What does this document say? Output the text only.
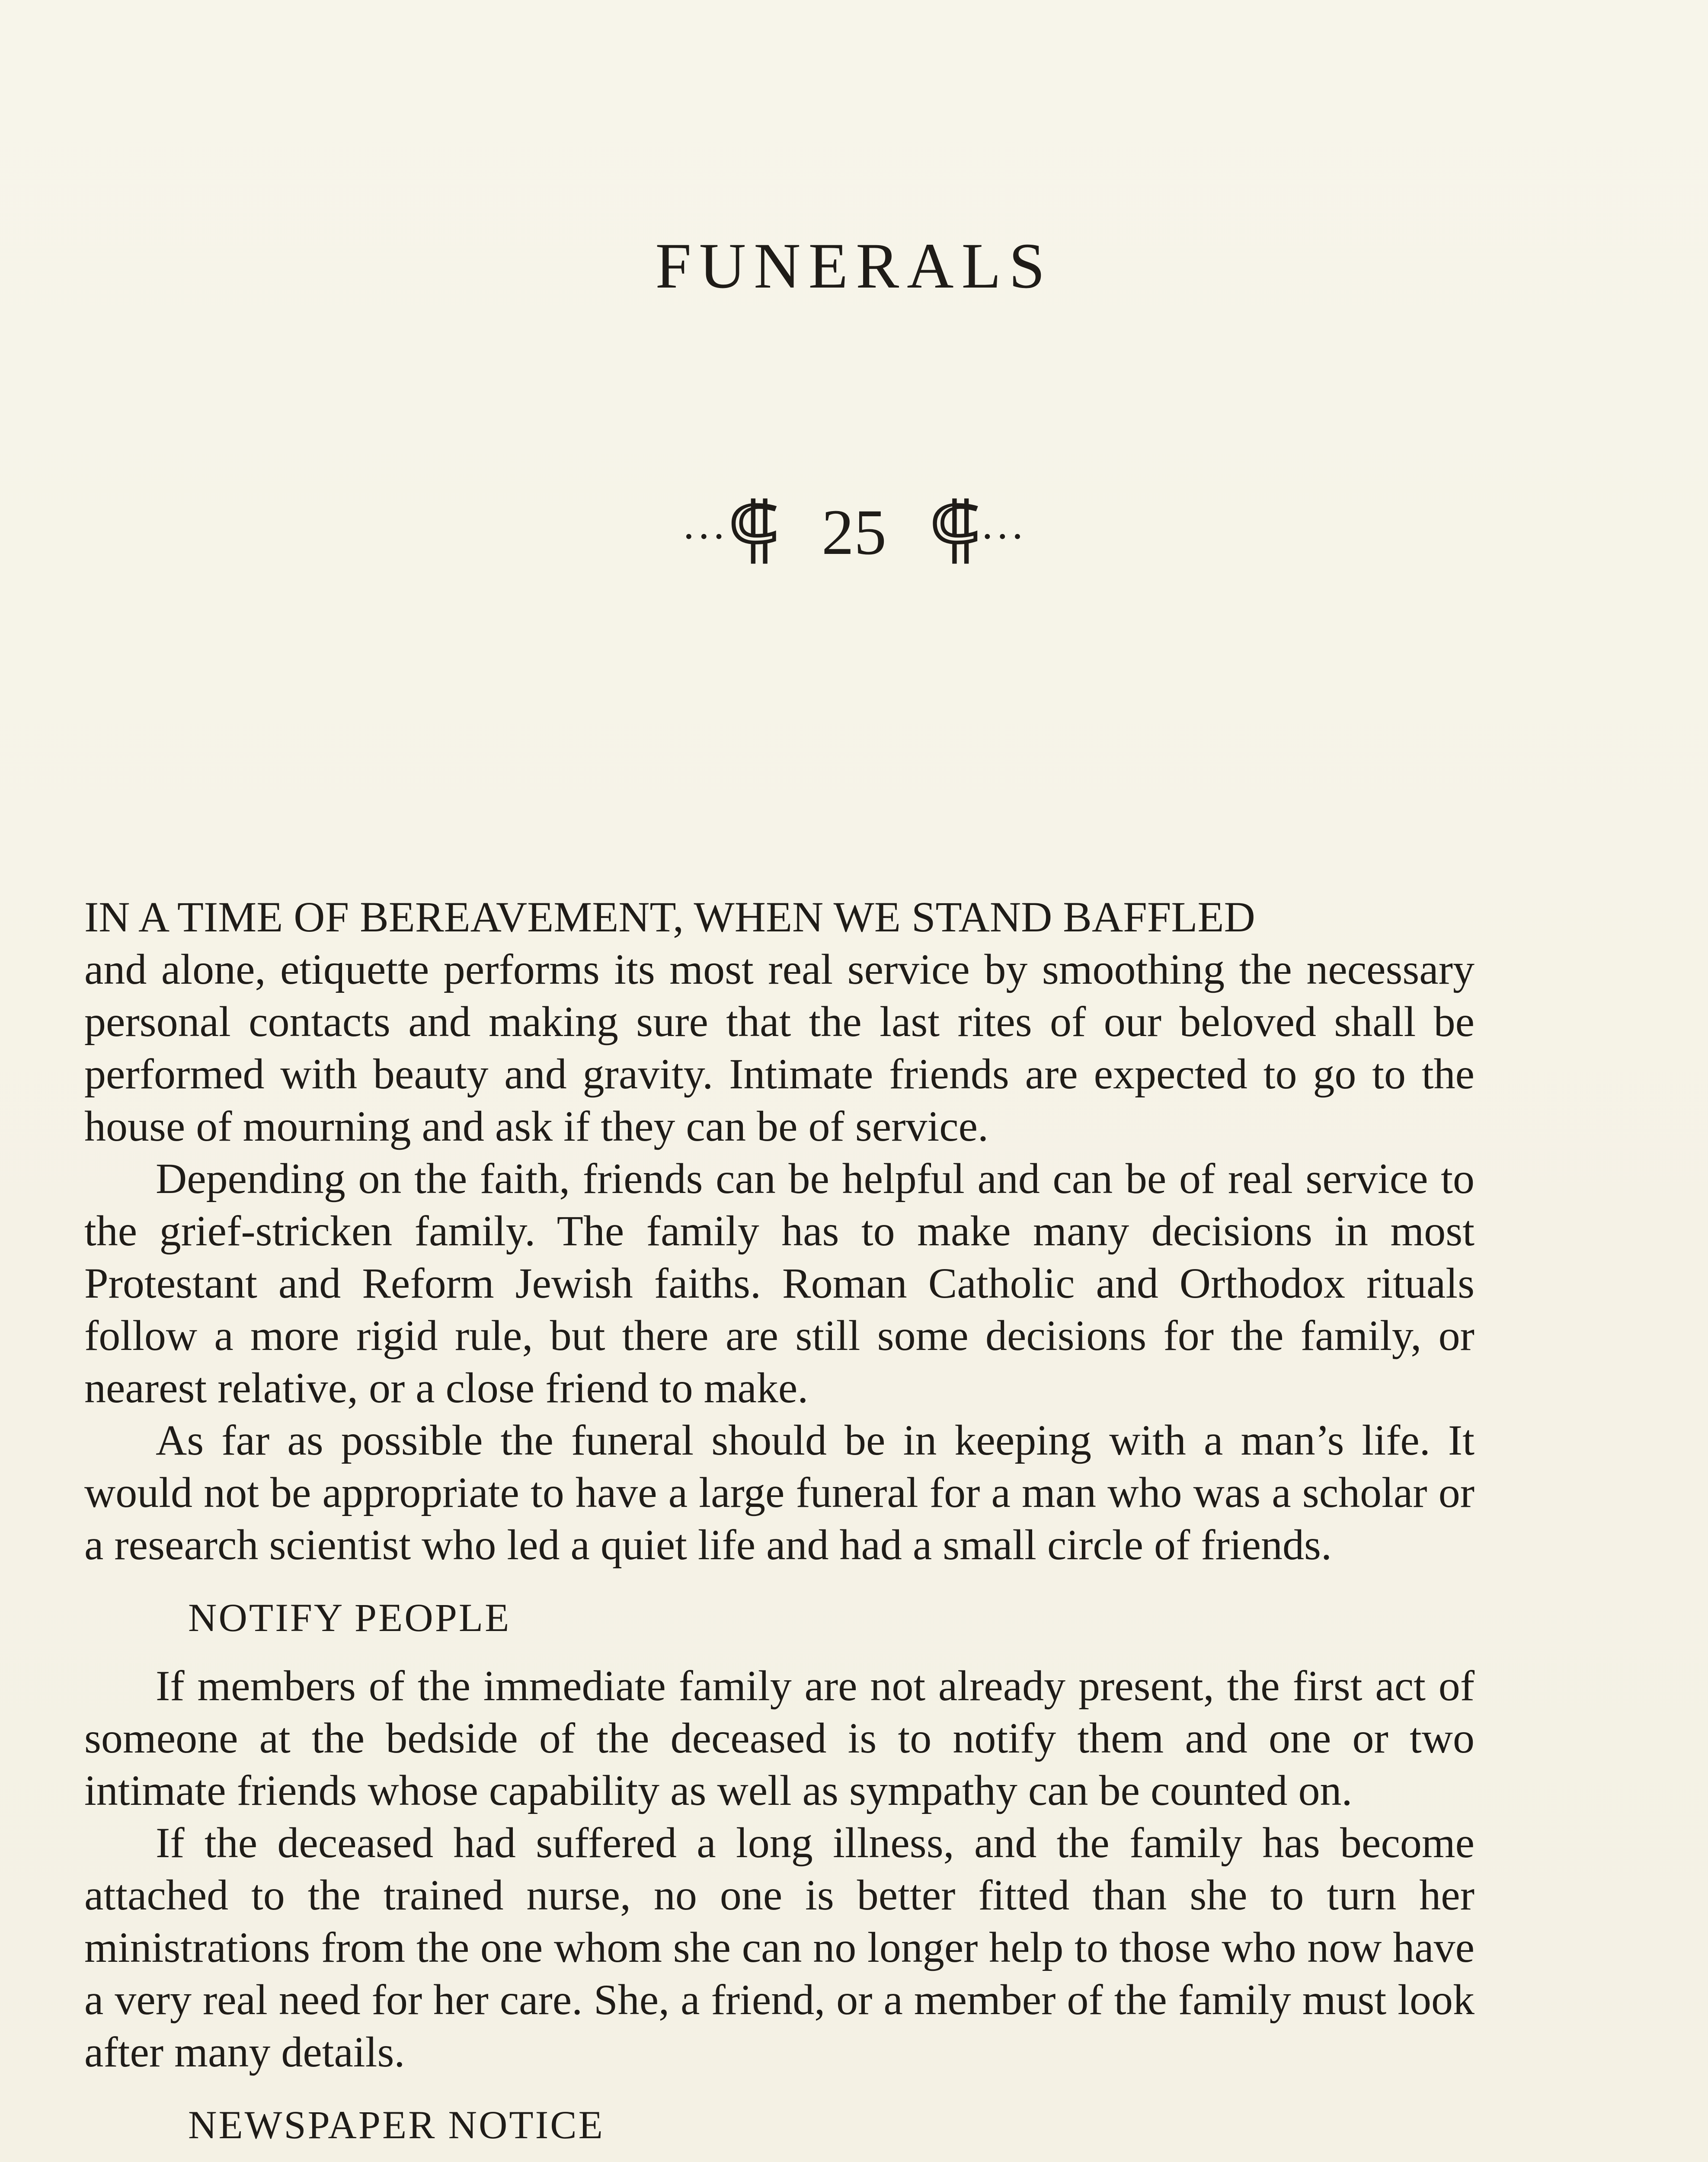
FUNERALS
⋅⋅⋅⸿ 25 ⸿⋅⋅⋅

IN A TIME OF BEREAVEMENT, WHEN WE STAND BAFFLED

and alone, etiquette performs its most real service by smoothing the necessary personal contacts and making sure that the last rites of our beloved shall be performed with beauty and gravity. Intimate friends are expected to go to the house of mourning and ask if they can be of service.

Depending on the faith, friends can be helpful and can be of real service to the grief-stricken family. The family has to make many decisions in most Protestant and Reform Jewish faiths. Roman Catholic and Orthodox rituals follow a more rigid rule, but there are still some decisions for the family, or nearest relative, or a close friend to make.

As far as possible the funeral should be in keeping with a man’s life. It would not be appropriate to have a large funeral for a man who was a scholar or a research scientist who led a quiet life and had a small circle of friends.

NOTIFY PEOPLE

If members of the immediate family are not already present, the first act of someone at the bedside of the deceased is to notify them and one or two intimate friends whose capability as well as sympathy can be counted on.

If the deceased had suffered a long illness, and the family has become attached to the trained nurse, no one is better fitted than she to turn her ministrations from the one whom she can no longer help to those who now have a very real need for her care. She, a friend, or a member of the family must look after many details.

NEWSPAPER NOTICE
